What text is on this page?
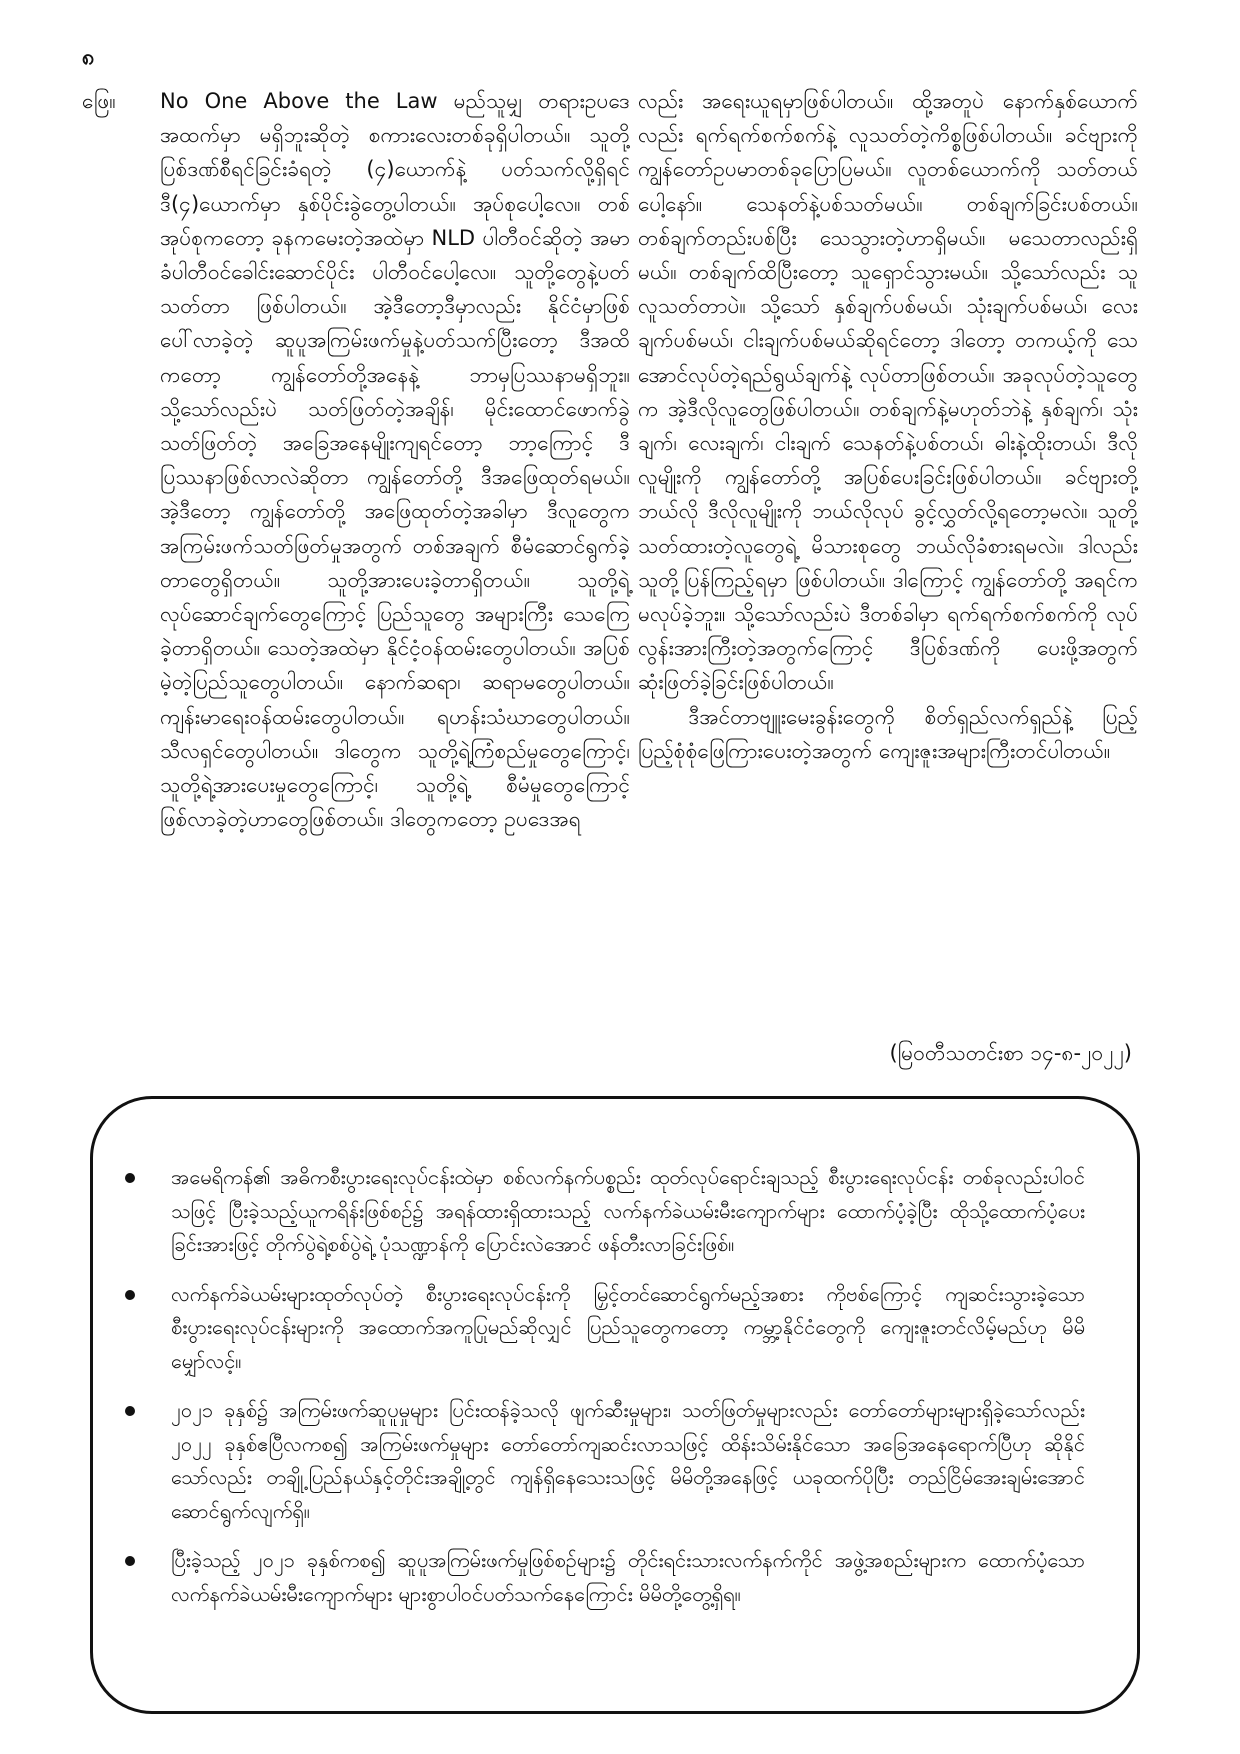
၈
ဖြေ။ No One Above the Law မည်သူမျှ တရားဥပဒေ အထက်မှာ မရှိဘူးဆိုတဲ့ စကားလေးတစ်ခုရှိပါတယ်။ သူတို့ပြစ်ဒဏ်စီရင်ခြင်းခံရတဲ့ (၄)ယောက်နဲ့ ပတ်သက်လို့ရှိရင် ဒီ(၄)ယောက်မှာ နှစ်ပိုင်းခွဲတွေ့ပါတယ်။ အုပ်စုပေါ့လေ။ တစ်အုပ်စုကတော့ ခုနကမေးတဲ့အထဲမှာ NLD ပါတီဝင်ဆိုတဲ့ အမာခံပါတီဝင်ခေါင်းဆောင်ပိုင်း ပါတီဝင်ပေါ့လေ။ သူတို့တွေနဲ့ပတ်သတ်တာ ဖြစ်ပါတယ်။ အဲ့ဒီတော့ဒီမှာလည်း နိုင်ငံမှာဖြစ်ပေါ်လာခဲ့တဲ့ ဆူပူအကြမ်းဖက်မှုနဲ့ပတ်သက်ပြီးတော့ ဒီအထိကတော့ ကျွန်တော်တို့အနေနဲ့ ဘာမှပြဿနာမရှိဘူး။ သို့သော်လည်းပဲ သတ်ဖြတ်တဲ့အချိန်၊ မိုင်းထောင်ဖောက်ခွဲသတ်ဖြတ်တဲ့ အခြေအနေမျိုးကျရင်တော့ ဘာ့ကြောင့် ဒီပြဿနာဖြစ်လာလဲဆိုတာ ကျွန်တော်တို့ ဒီအဖြေထုတ်ရမယ်။ အဲ့ဒီတော့ ကျွန်တော်တို့ အဖြေထုတ်တဲ့အခါမှာ ဒီလူတွေက အကြမ်းဖက်သတ်ဖြတ်မှုအတွက် တစ်အချက် စီမံဆောင်ရွက်ခဲ့တာတွေရှိတယ်။ သူတို့အားပေးခဲ့တာရှိတယ်။ သူတို့ရဲ့ လုပ်ဆောင်ချက်တွေကြောင့် ပြည်သူတွေ အများကြီး သေကြေခဲ့တာရှိတယ်။ သေတဲ့အထဲမှာ နိုင်ငံ့ဝန်ထမ်းတွေပါတယ်။ အပြစ်မဲ့တဲ့ပြည်သူတွေပါတယ်။ နောက်ဆရာ၊ ဆရာမတွေပါတယ်။ ကျန်းမာရေးဝန်ထမ်းတွေပါတယ်။ ရဟန်းသံဃာတွေပါတယ်။ သီလရှင်တွေပါတယ်။ ဒါတွေက သူတို့ရဲ့ကြံစည်မှုတွေကြောင့်၊ သူတို့ရဲ့အားပေးမှုတွေကြောင့်၊ သူတို့ရဲ့ စီမံမှုတွေကြောင့် ဖြစ်လာခဲ့တဲ့ဟာတွေဖြစ်တယ်။ ဒါတွေကတော့ ဥပဒေအရ

လည်း အရေးယူရမှာဖြစ်ပါတယ်။ ထို့အတူပဲ နောက်နှစ်ယောက်လည်း ရက်ရက်စက်စက်နဲ့ လူသတ်တဲ့ကိစ္စဖြစ်ပါတယ်။ ခင်ဗျားကို ကျွန်တော်ဥပမာတစ်ခုပြောပြမယ်။ လူတစ်ယောက်ကို သတ်တယ်ပေါ့နော်။ သေနတ်နဲ့ပစ်သတ်မယ်။ တစ်ချက်ခြင်းပစ်တယ်။ တစ်ချက်တည်းပစ်ပြီး သေသွားတဲ့ဟာရှိမယ်။ မသေတာလည်းရှိမယ်။ တစ်ချက်ထိပြီးတော့ သူရှောင်သွားမယ်။ သို့သော်လည်း သူလူသတ်တာပဲ။ သို့သော် နှစ်ချက်ပစ်မယ်၊ သုံးချက်ပစ်မယ်၊ လေးချက်ပစ်မယ်၊ ငါးချက်ပစ်မယ်ဆိုရင်တော့ ဒါတော့ တကယ့်ကို သေအောင်လုပ်တဲ့ရည်ရွယ်ချက်နဲ့ လုပ်တာဖြစ်တယ်။ အခုလုပ်တဲ့သူတွေက အဲ့ဒီလိုလူတွေဖြစ်ပါတယ်။ တစ်ချက်နဲ့မဟုတ်ဘဲနဲ့ နှစ်ချက်၊ သုံးချက်၊ လေးချက်၊ ငါးချက် သေနတ်နဲ့ပစ်တယ်၊ ဓါးနဲ့ထိုးတယ်၊ ဒီလိုလူမျိုးကို ကျွန်တော်တို့ အပြစ်ပေးခြင်းဖြစ်ပါတယ်။ ခင်ဗျားတို့ ဘယ်လို ဒီလိုလူမျိုးကို ဘယ်လိုလုပ် ခွင့်လွှတ်လို့ရတော့မလဲ။ သူတို့ သတ်ထားတဲ့လူတွေရဲ့ မိသားစုတွေ ဘယ်လိုခံစားရမလဲ။ ဒါလည်း သူတို့ပြန်ကြည့်ရမှာ ဖြစ်ပါတယ်။ ဒါကြောင့် ကျွန်တော်တို့ အရင်ကမလုပ်ခဲ့ဘူး။ သို့သော်လည်းပဲ ဒီတစ်ခါမှာ ရက်ရက်စက်စက်ကို လုပ်လွန်းအားကြီးတဲ့အတွက်ကြောင့် ဒီပြစ်ဒဏ်ကို ပေးဖို့အတွက် ဆုံးဖြတ်ခဲ့ခြင်းဖြစ်ပါတယ်။

ဒီအင်တာဗျူးမေးခွန်းတွေကို စိတ်ရှည်လက်ရှည်နဲ့ ပြည့်ပြည့်စုံစုံဖြေကြားပေးတဲ့အတွက် ကျေးဇူးအများကြီးတင်ပါတယ်။

(မြဝတီသတင်းစာ ၁၄-၈-၂၀၂၂)
အမေရိကန်၏ အဓိကစီးပွားရေးလုပ်ငန်းထဲမှာ စစ်လက်နက်ပစ္စည်း ထုတ်လုပ်ရောင်းချသည့် စီးပွားရေးလုပ်ငန်း တစ်ခုလည်းပါဝင်သဖြင့် ပြီးခဲ့သည့်ယူကရိန်းဖြစ်စဉ်၌ အရန်ထားရှိထားသည့် လက်နက်ခဲယမ်းမီးကျောက်များ ထောက်ပံ့ခဲ့ပြီး ထိုသို့ထောက်ပံ့ပေးခြင်းအားဖြင့် တိုက်ပွဲရဲ့စစ်ပွဲရဲ့ ပုံသဏ္ဍာန်ကို ပြောင်းလဲအောင် ဖန်တီးလာခြင်းဖြစ်။
လက်နက်ခဲယမ်းများထုတ်လုပ်တဲ့ စီးပွားရေးလုပ်ငန်းကို မြှင့်တင်ဆောင်ရွက်မည့်အစား ကိုဗစ်ကြောင့် ကျဆင်းသွားခဲ့သော စီးပွားရေးလုပ်ငန်းများကို အထောက်အကူပြုမည်ဆိုလျှင် ပြည်သူတွေကတော့ ကမ္ဘာ့နိုင်ငံတွေကို ကျေးဇူးတင်လိမ့်မည်ဟု မိမိမျှော်လင့်။
၂၀၂၁ ခုနှစ်၌ အကြမ်းဖက်ဆူပူမှုများ ပြင်းထန်ခဲ့သလို ဖျက်ဆီးမှုများ၊ သတ်ဖြတ်မှုများလည်း တော်တော်များများရှိခဲ့သော်လည်း ၂၀၂၂ ခုနှစ်ဧပြီလကစ၍ အကြမ်းဖက်မှုများ တော်တော်ကျဆင်းလာသဖြင့် ထိန်းသိမ်းနိုင်သော အခြေအနေရောက်ပြီဟု ဆိုနိုင်သော်လည်း တချို့ပြည်နယ်နှင့်တိုင်းအချို့တွင် ကျန်ရှိနေသေးသဖြင့် မိမိတို့အနေဖြင့် ယခုထက်ပိုပြီး တည်ငြိမ်အေးချမ်းအောင် ဆောင်ရွက်လျက်ရှိ။
ပြီးခဲ့သည့် ၂၀၂၁ ခုနှစ်ကစ၍ ဆူပူအကြမ်းဖက်မှုဖြစ်စဉ်များ၌ တိုင်းရင်းသားလက်နက်ကိုင် အဖွဲ့အစည်းများက ထောက်ပံ့သော လက်နက်ခဲယမ်းမီးကျောက်များ များစွာပါဝင်ပတ်သက်နေကြောင်း မိမိတို့တွေ့ရှိရ။
